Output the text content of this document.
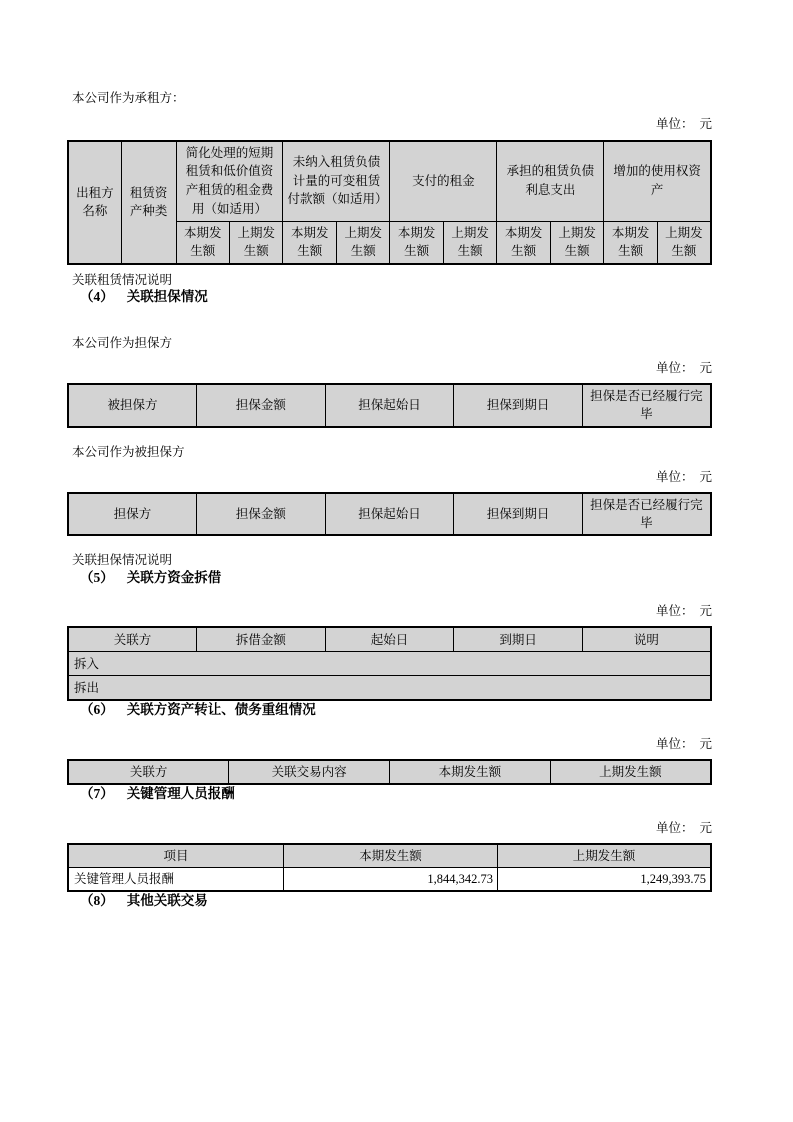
本公司作为承租方：

单位： 元

出租方名称	租赁资产种类	简化处理的短期租赁和低价值资产租赁的租金费用（如适用）		未纳入租赁负债计量的可变租赁付款额（如适用）		支付的租金		承担的租赁负债利息支出		增加的使用权资产	
		本期发生额	上期发生额	本期发生额	上期发生额	本期发生额	上期发生额	本期发生额	上期发生额	本期发生额	上期发生额

关联租赁情况说明

（4） 关联担保情况

本公司作为担保方

单位： 元

被担保方	担保金额	担保起始日	担保到期日	担保是否已经履行完毕

本公司作为被担保方

单位： 元

担保方	担保金额	担保起始日	担保到期日	担保是否已经履行完毕

关联担保情况说明

（5） 关联方资金拆借

单位： 元

关联方	拆借金额	起始日	到期日	说明
拆入
拆出
（6） 关联方资产转让、债务重组情况

单位： 元

关联方	关联交易内容	本期发生额	上期发生额
（7） 关键管理人员报酬

单位： 元

项目	本期发生额	上期发生额
关键管理人员报酬	1,844,342.73	1,249,393.75
（8） 其他关联交易
